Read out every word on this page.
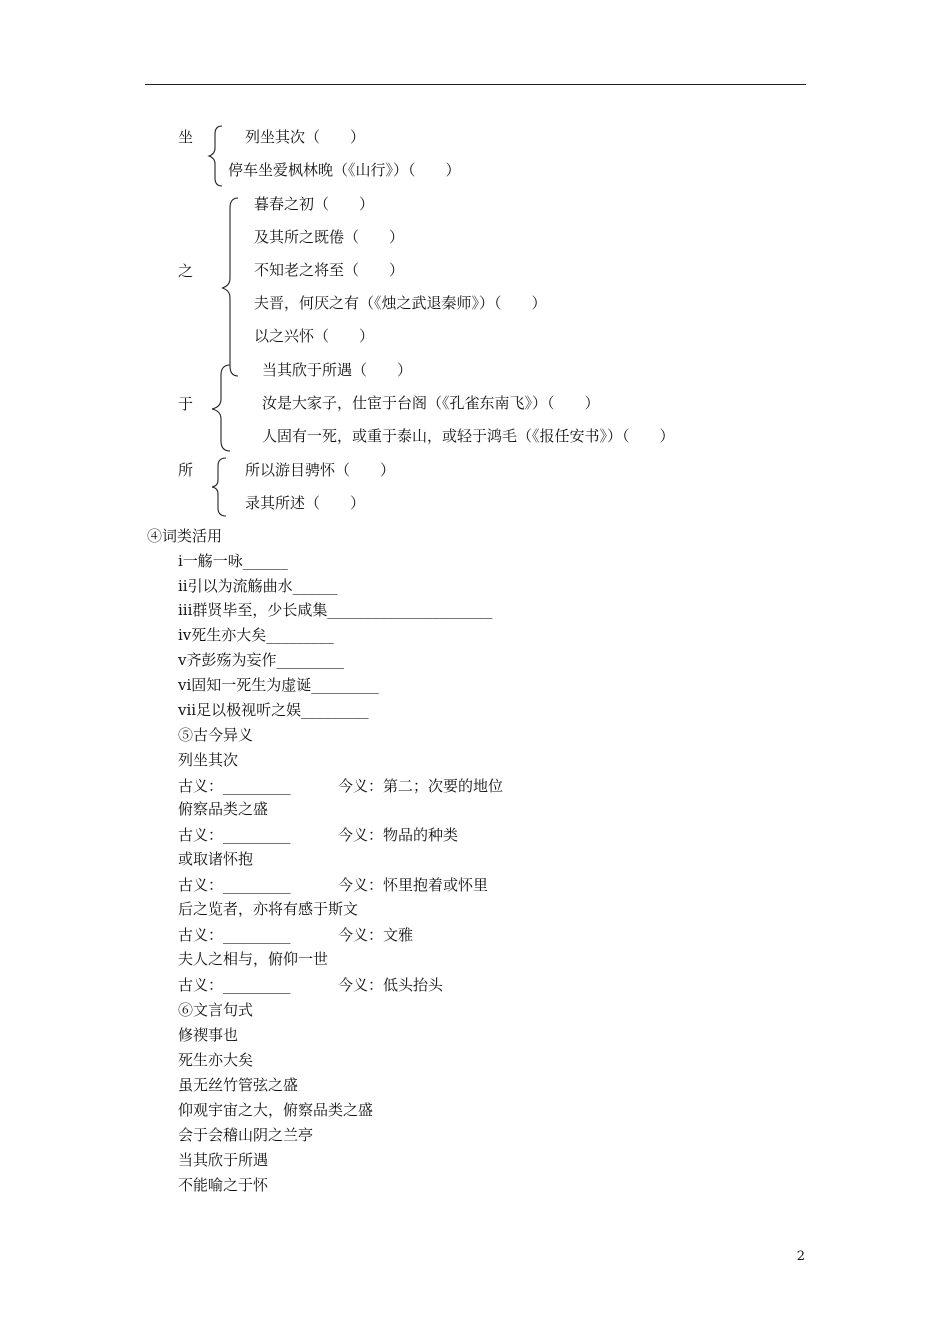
坐	列坐其次（　　）
停车坐爱枫林晚（《山行》）（　　）
之
暮春之初（　　）
及其所之既倦（　　）
不知老之将至（　　）
夫晋，何厌之有（《烛之武退秦师》）（　　）
以之兴怀（　　）
于
当其欣于所遇（　　）
汝是大家子，仕宦于台阁（《孔雀东南飞》）（　　）
人固有一死，或重于泰山，或轻于鸿毛（《报任安书》）（　　）
所	所以游目骋怀（　　）
录其所述（　　）
④词类活用
i一觞一咏______
ii引以为流觞曲水______
iii群贤毕至，少长咸集______________________
iv死生亦大矣_________
v齐彭殇为妄作_________
vi固知一死生为虚诞_________
vii足以极视听之娱_________
⑤古今异义
列坐其次
古义：_________	今义：第二；次要的地位
俯察品类之盛
古义：_________	今义：物品的种类
或取诸怀抱
古义：_________	今义：怀里抱着或怀里
后之览者，亦将有感于斯文
古义：_________	今义：文雅
夫人之相与，俯仰一世
古义：_________	今义：低头抬头
⑥文言句式
修禊事也
死生亦大矣
虽无丝竹管弦之盛
仰观宇宙之大，俯察品类之盛
会于会稽山阴之兰亭
当其欣于所遇
不能喻之于怀
2
